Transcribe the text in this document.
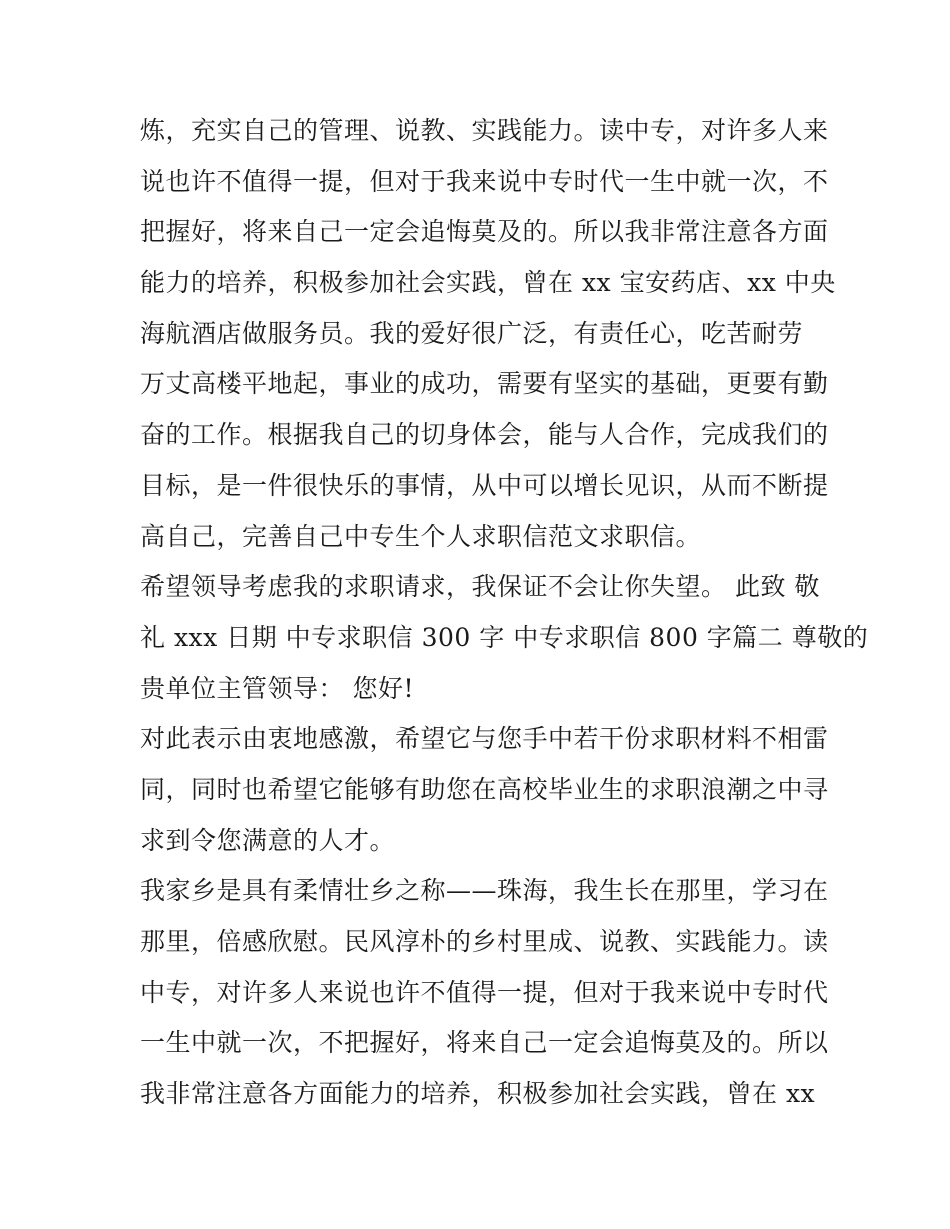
炼，充实自己的管理、说教、实践能力。读中专，对许多人来
说也许不值得一提，但对于我来说中专时代一生中就一次，不
把握好，将来自己一定会追悔莫及的。所以我非常注意各方面
能力的培养，积极参加社会实践，曾在 xx 宝安药店、xx 中央
海航酒店做服务员。我的爱好很广泛，有责任心，吃苦耐劳
万丈高楼平地起，事业的成功，需要有坚实的基础，更要有勤
奋的工作。根据我自己的切身体会，能与人合作，完成我们的
目标，是一件很快乐的事情，从中可以增长见识，从而不断提
高自己，完善自己中专生个人求职信范文求职信。
希望领导考虑我的求职请求，我保证不会让你失望。 此致 敬
礼 xxx 日期 中专求职信 300 字 中专求职信 800 字篇二 尊敬的
贵单位主管领导： 您好!
对此表示由衷地感激，希望它与您手中若干份求职材料不相雷
同，同时也希望它能够有助您在高校毕业生的求职浪潮之中寻
求到令您满意的人才。
我家乡是具有柔情壮乡之称——珠海，我生长在那里，学习在
那里，倍感欣慰。民风淳朴的乡村里成、说教、实践能力。读
中专，对许多人来说也许不值得一提，但对于我来说中专时代
一生中就一次，不把握好，将来自己一定会追悔莫及的。所以
我非常注意各方面能力的培养，积极参加社会实践，曾在 xx
